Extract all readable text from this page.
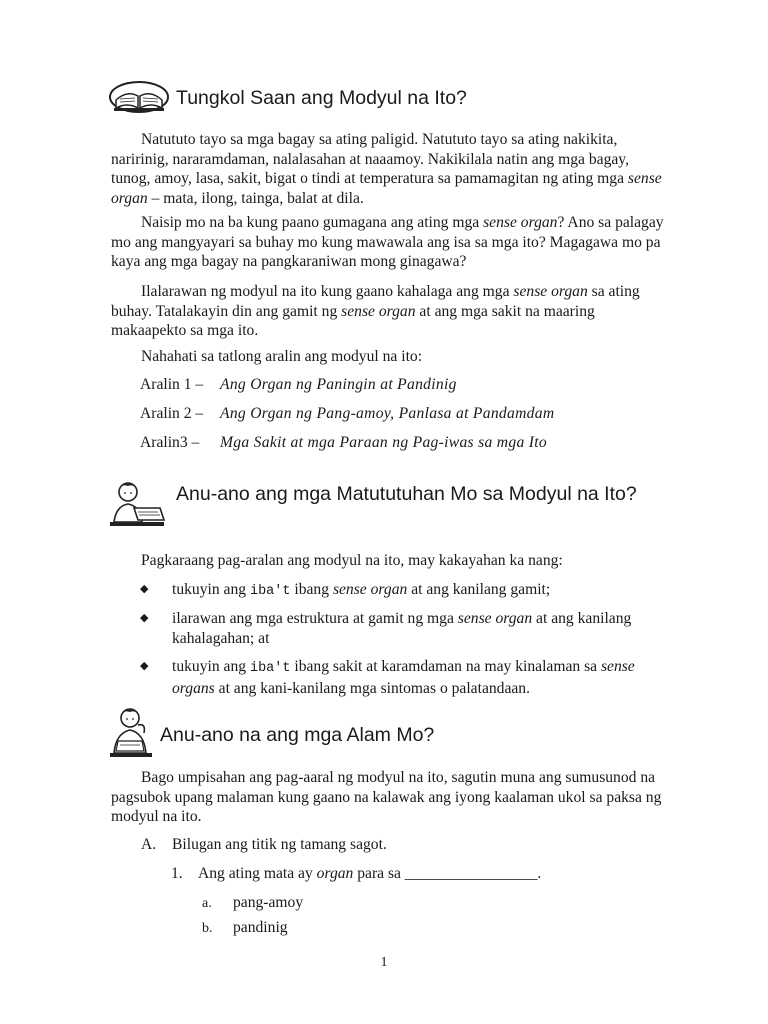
Tungkol Saan ang Modyul na Ito?

Natututo tayo sa mga bagay sa ating paligid. Natututo tayo sa ating nakikita, naririnig, nararamdaman, nalalasahan at naaamoy. Nakikilala natin ang mga bagay, tunog, amoy, lasa, sakit, bigat o tindi at temperatura sa pamamagitan ng ating mga sense organ – mata, ilong, tainga, balat at dila.

Naisip mo na ba kung paano gumagana ang ating mga sense organ? Ano sa palagay mo ang mangyayari sa buhay mo kung mawawala ang isa sa mga ito? Magagawa mo pa kaya ang mga bagay na pangkaraniwan mong ginagawa?

Ilalarawan ng modyul na ito kung gaano kahalaga ang mga sense organ sa ating buhay. Tatalakayin din ang gamit ng sense organ at ang mga sakit na maaring makaapekto sa mga ito.

Nahahati sa tatlong aralin ang modyul na ito:

Aralin 1 – Ang Organ ng Paningin at Pandinig
Aralin 2 – Ang Organ ng Pang-amoy, Panlasa at Pandamdam
Aralin3 – Mga Sakit at mga Paraan ng Pag-iwas sa mga Ito
Anu-ano ang mga Matututuhan Mo sa Modyul na Ito?

Pagkaraang pag-aralan ang modyul na ito, may kakayahan ka nang:

◆ tukuyin ang iba't ibang sense organ at ang kanilang gamit;
◆ ilarawan ang mga estruktura at gamit ng mga sense organ at ang kanilang kahalagahan; at
◆ tukuyin ang iba't ibang sakit at karamdaman na may kinalaman sa sense organs at ang kani-kanilang mga sintomas o palatandaan.
Anu-ano na ang mga Alam Mo?

Bago umpisahan ang pag-aaral ng modyul na ito, sagutin muna ang sumusunod na pagsubok upang malaman kung gaano na kalawak ang iyong kaalaman ukol sa paksa ng modyul na ito.

A. Bilugan ang titik ng tamang sagot.
1. Ang ating mata ay organ para sa _________________.
a. pang-amoy
b. pandinig
1
